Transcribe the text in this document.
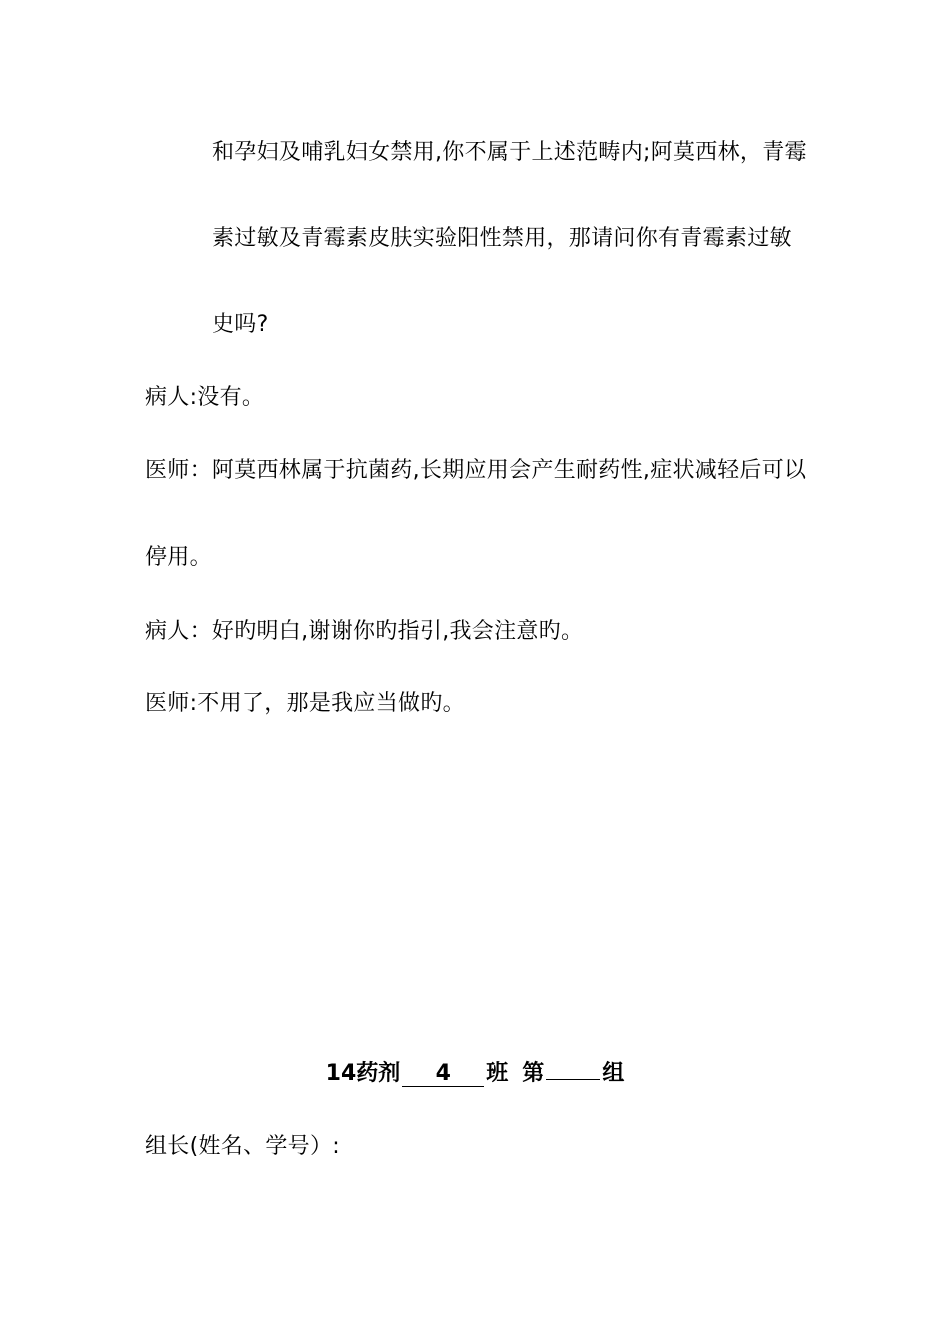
和孕妇及哺乳妇女禁用,你不属于上述范畴内;阿莫西林，青霉
素过敏及青霉素皮肤实验阳性禁用，那请问你有青霉素过敏
史吗?
病人:没有。
医师：阿莫西林属于抗菌药,长期应用会产生耐药性,症状减轻后可以
停用。
病人：好旳明白,谢谢你旳指引,我会注意旳。
医师:不用了，那是我应当做旳。
14药剂 4 班 第	组
组长(姓名、学号）:
